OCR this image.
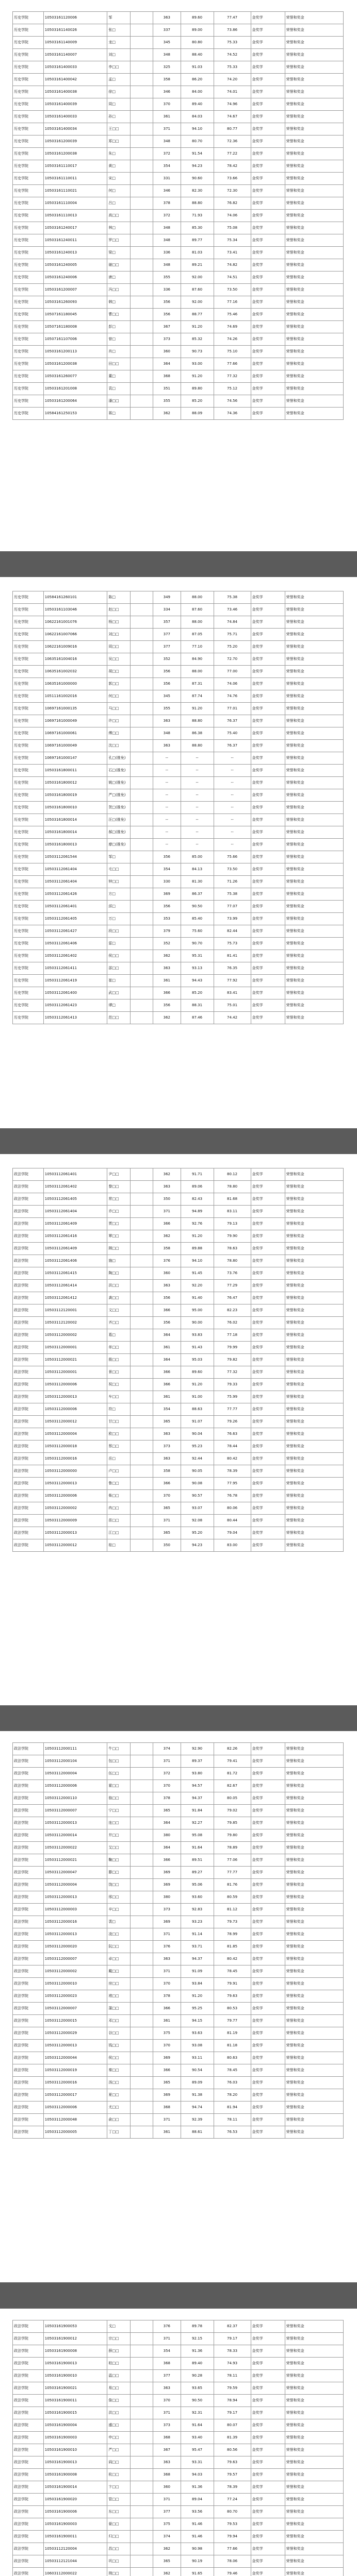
历史学院	10503161120006	邹		363	89.60	77.47	金奖学	荣誉和奖金
历史学院	10503161140026	张□		337	89.00	73.86	金奖学	荣誉和奖金
历史学院	10503161140009	龙□		345	80.80	75.33	金奖学	荣誉和奖金
历史学院	10503161140007	刘□		348	88.40	74.52	金奖学	荣誉和奖金
历史学院	10503161400033	李□□		325	91.03	75.33	金奖学	荣誉和奖金
历史学院	10503161400042	孟□		358	86.20	74.20	金奖学	荣誉和奖金
历史学院	10503161400038	徐□		346	84.00	74.01	金奖学	荣誉和奖金
历史学院	10503161400039	周□		370	89.40	74.96	金奖学	荣誉和奖金
历史学院	10503161400033	孙□		361	84.03	74.67	金奖学	荣誉和奖金
历史学院	10503161400034	王□□		371	94.10	80.77	金奖学	荣誉和奖金
历史学院	10503161200039	郑□□		348	80.70	72.36	金奖学	荣誉和奖金
历史学院	10503161200038	朱□		372	91.54	77.22	金奖学	荣誉和奖金
历史学院	10503161110017	黄□		354	94.23	78.42	金奖学	荣誉和奖金
历史学院	10503161110011	宋□		331	90.60	73.66	金奖学	荣誉和奖金
历史学院	10503161110021	何□		346	82.30	72.30	金奖学	荣誉和奖金
历史学院	10503161110004	吕□		378	88.80	76.82	金奖学	荣誉和奖金
历史学院	10503161110013	高□□		372	71.93	74.06	金奖学	荣誉和奖金
历史学院	10503161240017	林□		348	85.30	75.08	金奖学	荣誉和奖金
历史学院	10503161240011	罗□□		348	89.77	75.34	金奖学	荣誉和奖金
历史学院	10503161240013	梁□		336	81.03	73.41	金奖学	荣誉和奖金
历史学院	10503161240005	谢□□		348	89.21	74.82	金奖学	荣誉和奖金
历史学院	10503161240006	唐□		355	92.00	74.51	金奖学	荣誉和奖金
历史学院	10503161200007	冯□□		336	87.60	73.50	金奖学	荣誉和奖金
历史学院	10503161260093	韩□		356	92.00	77.16	金奖学	荣誉和奖金
历史学院	10507161180045	曹□□		356	88.77	75.46	金奖学	荣誉和奖金
历史学院	10507161180008	彭□		367	91.20	74.69	金奖学	荣誉和奖金
历史学院	10507161107006	曾□		373	85.32	74.26	金奖学	荣誉和奖金
历史学院	10503161200113	肖□		360	90.73	75.10	金奖学	荣誉和奖金
历史学院	10503161200038	田□□		364	93.00	77.66	金奖学	荣誉和奖金
历史学院	10503161260077	董□		368	91.20	77.32	金奖学	荣誉和奖金
历史学院	10503161201008	袁□		351	89.80	75.12	金奖学	荣誉和奖金
历史学院	10503161200064	潘□□		355	85.20	74.56	金奖学	荣誉和奖金
历史学院	10584161250153	蒋□		362	88.09	74.36	金奖学	荣誉和奖金
历史学院	10584161260101	陈□		349	88.00	75.38	金奖学	荣誉和奖金
历史学院	10503161103046	赵□□		334	87.60	73.46	金奖学	荣誉和奖金
历史学院	10622161001076	杨□□		357	88.00	74.84	金奖学	荣誉和奖金
历史学院	10622161007066	刘□□		377	87.05	75.71	金奖学	荣誉和奖金
历史学院	10622161009016	周□□		377	77.10	75.20	金奖学	荣誉和奖金
历史学院	10635161004016	吴□□		352	84.90	72.70	金奖学	荣誉和奖金
历史学院	10635161002032	胡□□		356	88.00	77.00	金奖学	荣誉和奖金
历史学院	10635161000000	郭□□		356	87.31	74.06	金奖学	荣誉和奖金
历史学院	10511161002016	何□□		345	87.74	74.76	金奖学	荣誉和奖金
历史学院	10697161000135	马□□		355	91.20	77.01	金奖学	荣誉和奖金
历史学院	10697161000049	许□□		363	88.80	76.37	金奖学	荣誉和奖金
历史学院	10697161000061	傅□□		348	86.38	75.40	金奖学	荣誉和奖金
历史学院	10697161000049	沈□□		363	88.80	76.37	金奖学	荣誉和奖金
历史学院	10697161000147	孔□(推免)		--	--	--	金奖学	荣誉和奖金
历史学院	10503161800011	石□(推免)		--	--	--	金奖学	荣誉和奖金
历史学院	10503161800012	姚□(推免)		--	--	--	金奖学	荣誉和奖金
历史学院	10503161800019	严□(推免)		--	--	--	金奖学	荣誉和奖金
历史学院	10503161800010	贺□(推免)		--	--	--	金奖学	荣誉和奖金
历史学院	10503161800014	汪□(推免)		--	--	--	金奖学	荣誉和奖金
历史学院	10503161800014	郝□(推免)		--	--	--	金奖学	荣誉和奖金
历史学院	10503161800013	廖□(推免)		--	--	--	金奖学	荣誉和奖金
历史学院	10503112061544	邹□		356	85.00	75.66	金奖学	荣誉和奖金
历史学院	10503112061404	毛□□		354	84.13	73.50	金奖学	荣誉和奖金
历史学院	10503112061404	钟□□		330	81.30	71.26	金奖学	荣誉和奖金
历史学院	10503112061426	方□		369	86.37	75.38	金奖学	荣誉和奖金
历史学院	10503112061401	邱□		356	90.50	77.07	金奖学	荣誉和奖金
历史学院	10503112061405	万□		353	85.40	73.99	金奖学	荣誉和奖金
历史学院	10503112061427	段□□		379	75.60	82.44	金奖学	荣誉和奖金
历史学院	10503112061406	雷□		352	90.70	75.73	金奖学	荣誉和奖金
历史学院	10503112061402	侯□□		362	95.31	81.41	金奖学	荣誉和奖金
历史学院	10503112061411	邵□□		363	93.13	76.35	金奖学	荣誉和奖金
历史学院	10503112061419	崔□		361	94.43	77.92	金奖学	荣誉和奖金
历史学院	10503112061400	武□□		366	85.20	83.41	金奖学	荣誉和奖金
历史学院	10503112061423	谭□		356	88.31	75.01	金奖学	荣誉和奖金
历史学院	10503112061413	范□□		362	87.46	74.42	金奖学	荣誉和奖金
政法学院	10503112061401	尹□□		362	91.71	80.12	金奖学	荣誉和奖金
政法学院	10503112061402	黎□□		363	89.06	78.80	金奖学	荣誉和奖金
政法学院	10503112061405	常□□		350	82.43	81.68	金奖学	荣誉和奖金
政法学院	10503112061404	乔□□		371	94.89	83.11	金奖学	荣誉和奖金
政法学院	10503112061409	贾□□		366	92.76	79.13	金奖学	荣誉和奖金
政法学院	10503112061416	覃□□		362	91.20	79.90	金奖学	荣誉和奖金
政法学院	10503112061409	顾□□		358	89.88	78.63	金奖学	荣誉和奖金
政法学院	10503112061406	施□		376	94.10	78.80	金奖学	荣誉和奖金
政法学院	10503112061415	陶□□		360	91.45	73.76	金奖学	荣誉和奖金
政法学院	10503112061414	洪□□		363	92.20	77.29	金奖学	荣誉和奖金
政法学院	10503112061412	龚□□		356	91.40	76.47	金奖学	荣誉和奖金
政法学院	10503112120001	文□□		366	95.00	82.23	金奖学	荣誉和奖金
政法学院	10503112120002	齐□□		356	90.00	76.02	金奖学	荣誉和奖金
政法学院	10503112000002	葛□		364	93.83	77.18	金奖学	荣誉和奖金
政法学院	10503112000001	单□□		361	91.43	79.99	金奖学	荣誉和奖金
政法学院	10503112000021	殷□□		364	95.03	79.82	金奖学	荣誉和奖金
政法学院	10503112000001	景□□		366	89.60	77.32	金奖学	荣誉和奖金
政法学院	10503112000006	祝□□		366	91.20	79.33	金奖学	荣誉和奖金
政法学院	10503112000013	车□□		361	91.00	75.99	金奖学	荣誉和奖金
政法学院	10503112000006	符□		354	88.63	77.77	金奖学	荣誉和奖金
政法学院	10503112000012	甘□□		365	91.07	79.26	金奖学	荣誉和奖金
政法学院	10503112000004	欧□□		363	90.04	76.63	金奖学	荣誉和奖金
政法学院	10503112000018	蔡□□		373	95.23	78.44	金奖学	荣誉和奖金
政法学院	10503112000016	岳□		363	92.44	80.42	金奖学	荣誉和奖金
政法学院	10503112000000	卢□□		358	90.05	78.39	金奖学	荣誉和奖金
政法学院	10503112000013	鲁□□		366	90.08	77.95	金奖学	荣誉和奖金
政法学院	10503112000006	柴□□		370	90.57	76.78	金奖学	荣誉和奖金
政法学院	10503112000002	冉□□		365	93.07	80.06	金奖学	荣誉和奖金
政法学院	10503112000009	苗□□		371	92.08	80.44	金奖学	荣誉和奖金
政法学院	10503112000013	江□□		365	95.20	79.04	金奖学	荣誉和奖金
政法学院	10503112000012	桂□		350	94.23	83.00	金奖学	荣誉和奖金
政法学院	10503112000111	牛□□		374	92.90	82.26	金奖学	荣誉和奖金
政法学院	10503112000104	包□□		371	89.37	79.41	金奖学	荣誉和奖金
政法学院	10503112000004	伍□□		372	93.80	81.72	金奖学	荣誉和奖金
政法学院	10503112000006	霍□□		370	94.57	82.67	金奖学	荣誉和奖金
政法学院	10503112000110	骆□□		378	94.37	80.05	金奖学	荣誉和奖金
政法学院	10503112000007	宁□□		365	91.84	79.02	金奖学	荣誉和奖金
政法学院	10503112000013	连□□		364	92.27	79.85	金奖学	荣誉和奖金
政法学院	10503112000014	井□□		380	95.08	79.80	金奖学	荣誉和奖金
政法学院	10503112000022	艾□□		364	91.64	78.89	金奖学	荣誉和奖金
政法学院	10503112000021	鞠□□		366	89.51	77.06	金奖学	荣誉和奖金
政法学院	10503112000047	滕□□		369	89.27	77.77	金奖学	荣誉和奖金
政法学院	10503112000004	饶□□		369	95.06	81.76	金奖学	荣誉和奖金
政法学院	10503112000013	邢□□		380	93.60	80.59	金奖学	荣誉和奖金
政法学院	10503112000003	辛□□		373	92.83	81.12	金奖学	荣誉和奖金
政法学院	10503112000016	裴□		369	93.23	79.73	金奖学	荣誉和奖金
政法学院	10503112000013	凌□□		371	91.14	78.99	金奖学	荣誉和奖金
政法学院	10503112000020	阮□□		376	93.71	81.85	金奖学	荣誉和奖金
政法学院	10503112000007	卓□□		363	94.37	80.42	金奖学	荣誉和奖金
政法学院	10503112000002	戴□□		371	91.09	78.45	金奖学	荣誉和奖金
政法学院	10503112000010	房□□		370	93.84	79.91	金奖学	荣誉和奖金
政法学院	10503112000023	褚□□		378	91.20	79.63	金奖学	荣誉和奖金
政法学院	10503112000007	蒲□□		366	95.25	80.53	金奖学	荣誉和奖金
政法学院	10503112000015	邓□□		361	94.15	79.77	金奖学	荣誉和奖金
政法学院	10503112000029	谷□□		375	93.63	81.19	金奖学	荣誉和奖金
政法学院	10503112000013	钱□□		370	93.08	81.18	金奖学	荣誉和奖金
政法学院	10503112000044	侯□□		369	93.11	80.63	金奖学	荣誉和奖金
政法学院	10503112000019	秦□□		366	90.54	78.45	金奖学	荣誉和奖金
政法学院	10503112000016	汤□□		365	89.09	76.03	金奖学	荣誉和奖金
政法学院	10503112000017	夏□□		369	91.38	78.20	金奖学	荣誉和奖金
政法学院	10503112000006	尤□□		368	94.74	81.94	金奖学	荣誉和奖金
政法学院	10503112000048	俞□□		371	92.39	78.11	金奖学	荣誉和奖金
政法学院	10503112000005	丁□□		361	88.61	76.53	金奖学	荣誉和奖金
政法学院	10503161900053	戈□		376	89.78	82.37	金奖学	荣誉和奖金
政法学院	10503161900012	宗□□		371	92.15	79.17	金奖学	荣誉和奖金
政法学院	10503161900008	薛□□		354	91.36	78.33	金奖学	荣誉和奖金
政法学院	10503161900013	柏□□		368	89.40	74.93	金奖学	荣誉和奖金
政法学院	10503161900010	温□□		377	90.28	78.11	金奖学	荣誉和奖金
政法学院	10503161900021	易□□		363	93.65	79.59	金奖学	荣誉和奖金
政法学院	10503161900011	詹□□		370	90.50	78.94	金奖学	荣誉和奖金
政法学院	10503161900015	洪□□		371	92.31	79.17	金奖学	荣誉和奖金
政法学院	10503161900004	盛□□		373	91.64	80.07	金奖学	荣誉和奖金
政法学院	10503161900003	申□□		368	93.40	81.39	金奖学	荣誉和奖金
政法学院	10503161900010	严□□		367	95.47	80.56	金奖学	荣誉和奖金
政法学院	10503161900013	阎□□		363	93.31	79.63	金奖学	荣誉和奖金
政法学院	10503161900008	杭□□		368	94.03	79.57	金奖学	荣誉和奖金
政法学院	10503161900014	卞□□		360	91.36	78.39	金奖学	荣誉和奖金
政法学院	10503161900020	管□□		371	89.04	77.24	金奖学	荣誉和奖金
政法学院	10503161900006	东□□		377	93.56	80.70	金奖学	荣誉和奖金
政法学院	10503161900003	晏□□		375	91.46	79.53	金奖学	荣誉和奖金
政法学院	10503161900011	归□□		374	91.46	79.94	金奖学	荣誉和奖金
政法学院	10503112120004	昌□□		362	90.98	77.66	金奖学	荣誉和奖金
政法学院	10503112121044	巩□□		365	90.19	78.06	金奖学	荣誉和奖金
政法学院	10603112000022	荆□□		362	91.65	79.46	金奖学	荣誉和奖金
